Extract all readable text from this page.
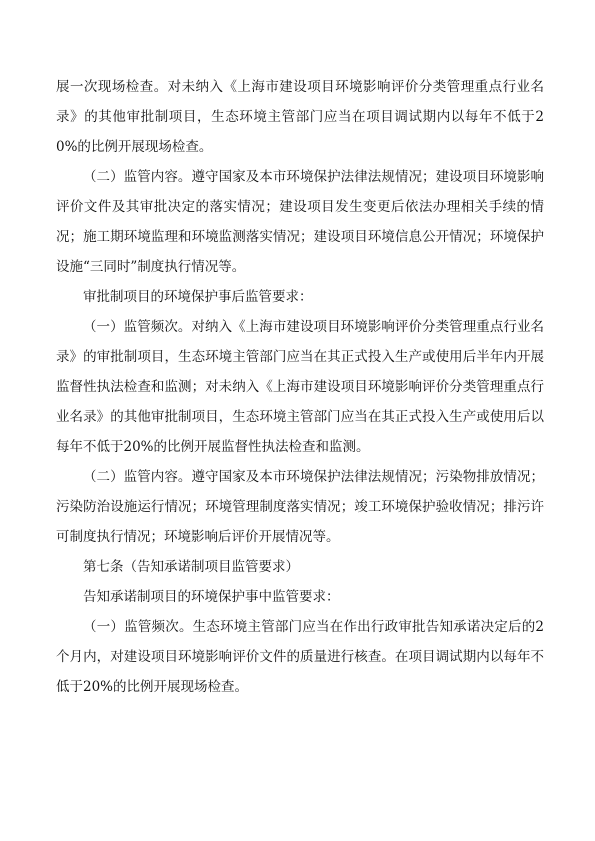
展一次现场检查。对未纳入《上海市建设项目环境影响评价分类管理重点行业名录》的其他审批制项目，生态环境主管部门应当在项目调试期内以每年不低于20%的比例开展现场检查。

（二）监管内容。遵守国家及本市环境保护法律法规情况；建设项目环境影响评价文件及其审批决定的落实情况；建设项目发生变更后依法办理相关手续的情况；施工期环境监理和环境监测落实情况；建设项目环境信息公开情况；环境保护设施“三同时”制度执行情况等。

审批制项目的环境保护事后监管要求：

（一）监管频次。对纳入《上海市建设项目环境影响评价分类管理重点行业名录》的审批制项目，生态环境主管部门应当在其正式投入生产或使用后半年内开展监督性执法检查和监测；对未纳入《上海市建设项目环境影响评价分类管理重点行业名录》的其他审批制项目，生态环境主管部门应当在其正式投入生产或使用后以每年不低于20%的比例开展监督性执法检查和监测。

（二）监管内容。遵守国家及本市环境保护法律法规情况；污染物排放情况；污染防治设施运行情况；环境管理制度落实情况；竣工环境保护验收情况；排污许可制度执行情况；环境影响后评价开展情况等。

第七条（告知承诺制项目监管要求）

告知承诺制项目的环境保护事中监管要求：

（一）监管频次。生态环境主管部门应当在作出行政审批告知承诺决定后的2个月内，对建设项目环境影响评价文件的质量进行核查。在项目调试期内以每年不低于20%的比例开展现场检查。
